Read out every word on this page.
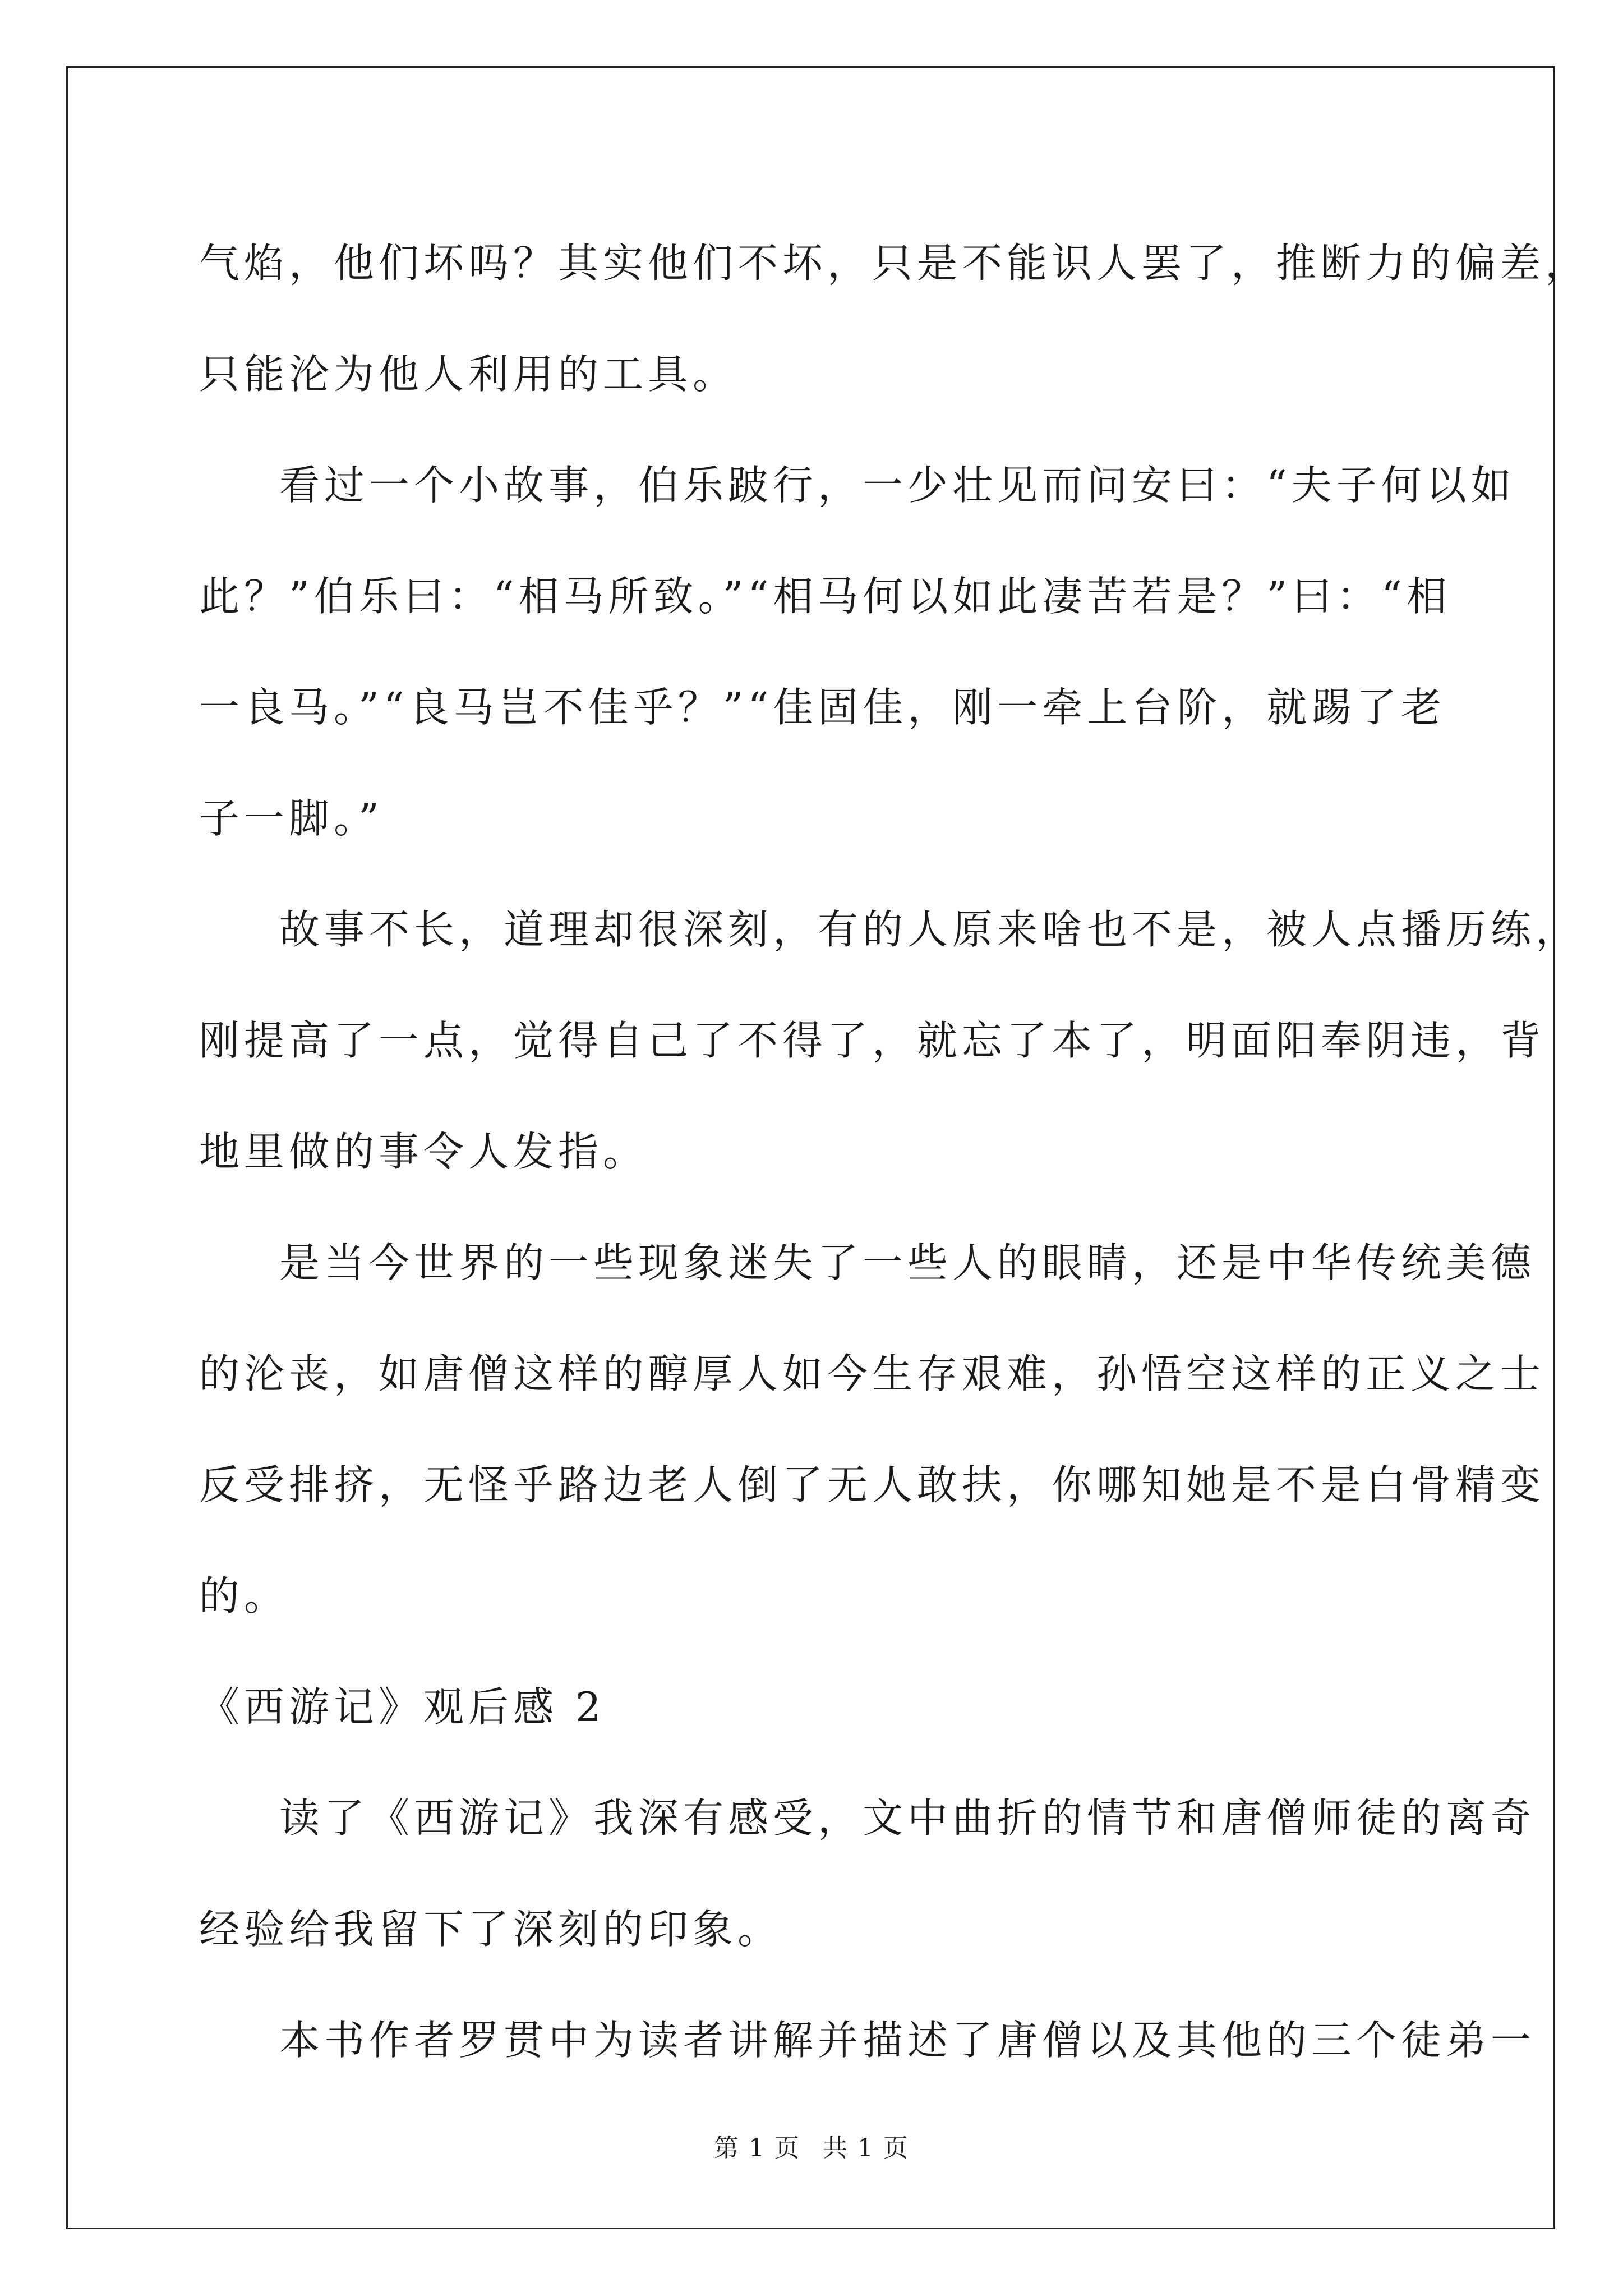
气焰，他们坏吗？其实他们不坏，只是不能识人罢了，推断力的偏差，
只能沦为他人利用的工具。
看过一个小故事，伯乐跛行，一少壮见而问安曰：“夫子何以如
此？”伯乐曰：“相马所致。”“相马何以如此凄苦若是？”曰：“相
一良马。”“良马岂不佳乎？”“佳固佳，刚一牵上台阶，就踢了老
子一脚。”
故事不长，道理却很深刻，有的人原来啥也不是，被人点播历练，
刚提高了一点，觉得自己了不得了，就忘了本了，明面阳奉阴违，背
地里做的事令人发指。
是当今世界的一些现象迷失了一些人的眼睛，还是中华传统美德
的沦丧，如唐僧这样的醇厚人如今生存艰难，孙悟空这样的正义之士
反受排挤，无怪乎路边老人倒了无人敢扶，你哪知她是不是白骨精变
的。
《西游记》观后感 2
读了《西游记》我深有感受，文中曲折的情节和唐僧师徒的离奇
经验给我留下了深刻的印象。
本书作者罗贯中为读者讲解并描述了唐僧以及其他的三个徒弟一
第 1 页 共 1 页
